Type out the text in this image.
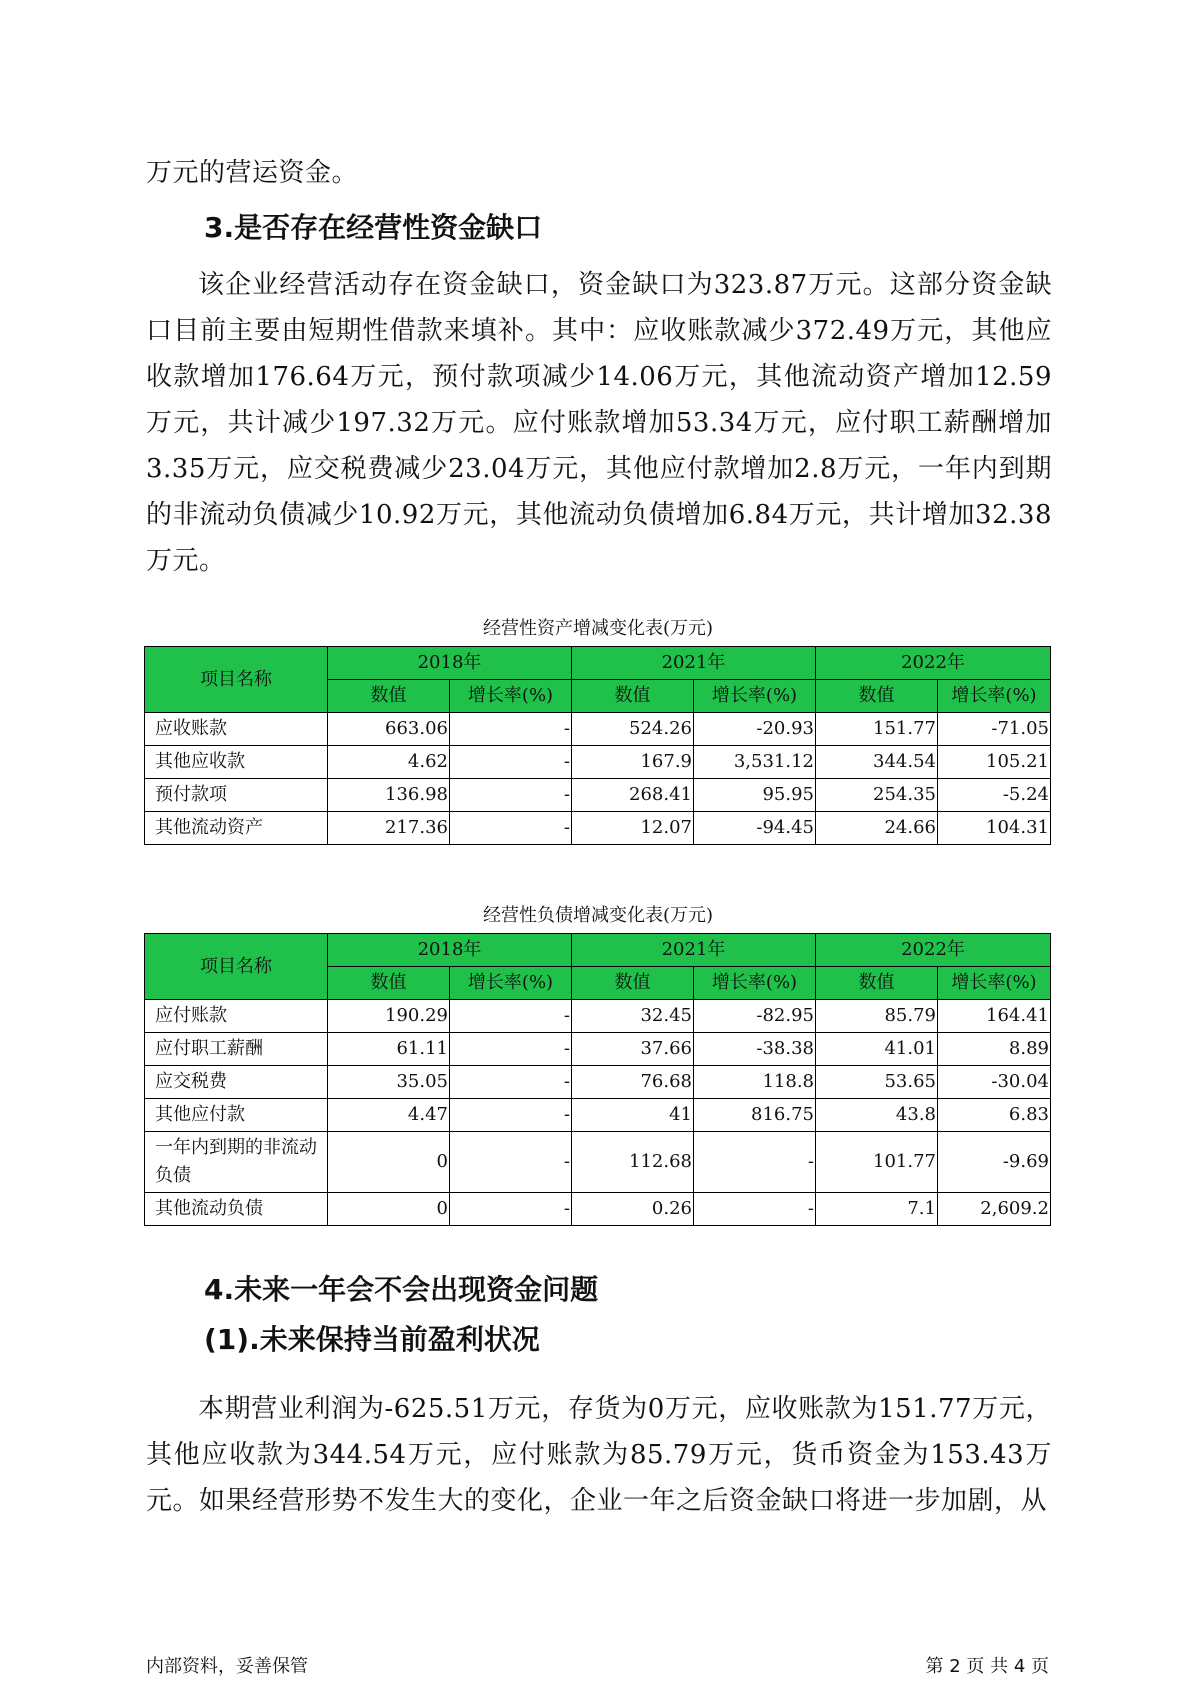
万元的营运资金。
3.是否存在经营性资金缺口
该企业经营活动存在资金缺口，资金缺口为323.87万元。这部分资金缺口目前主要由短期性借款来填补。其中：应收账款减少372.49万元，其他应收款增加176.64万元，预付款项减少14.06万元，其他流动资产增加12.59万元，共计减少197.32万元。应付账款增加53.34万元，应付职工薪酬增加3.35万元，应交税费减少23.04万元，其他应付款增加2.8万元，一年内到期的非流动负债减少10.92万元，其他流动负债增加6.84万元，共计增加32.38万元。
经营性资产增减变化表(万元)
项目名称	2018年		2021年		2022年	
	数值	增长率(%)	数值	增长率(%)	数值	增长率(%)
应收账款	663.06	-	524.26	-20.93	151.77	-71.05
其他应收款	4.62	-	167.9	3,531.12	344.54	105.21
预付款项	136.98	-	268.41	95.95	254.35	-5.24
其他流动资产	217.36	-	12.07	-94.45	24.66	104.31
经营性负债增减变化表(万元)
项目名称	2018年		2021年		2022年	
	数值	增长率(%)	数值	增长率(%)	数值	增长率(%)
应付账款	190.29	-	32.45	-82.95	85.79	164.41
应付职工薪酬	61.11	-	37.66	-38.38	41.01	8.89
应交税费	35.05	-	76.68	118.8	53.65	-30.04
其他应付款	4.47	-	41	816.75	43.8	6.83
一年内到期的非流动负债	0	-	112.68	-	101.77	-9.69
其他流动负债	0	-	0.26	-	7.1	2,609.2
4.未来一年会不会出现资金问题
(1).未来保持当前盈利状况
本期营业利润为-625.51万元，存货为0万元，应收账款为151.77万元，其他应收款为344.54万元，应付账款为85.79万元，货币资金为153.43万元。如果经营形势不发生大的变化，企业一年之后资金缺口将进一步加剧，从
内部资料，妥善保管	第 2 页 共 4 页
